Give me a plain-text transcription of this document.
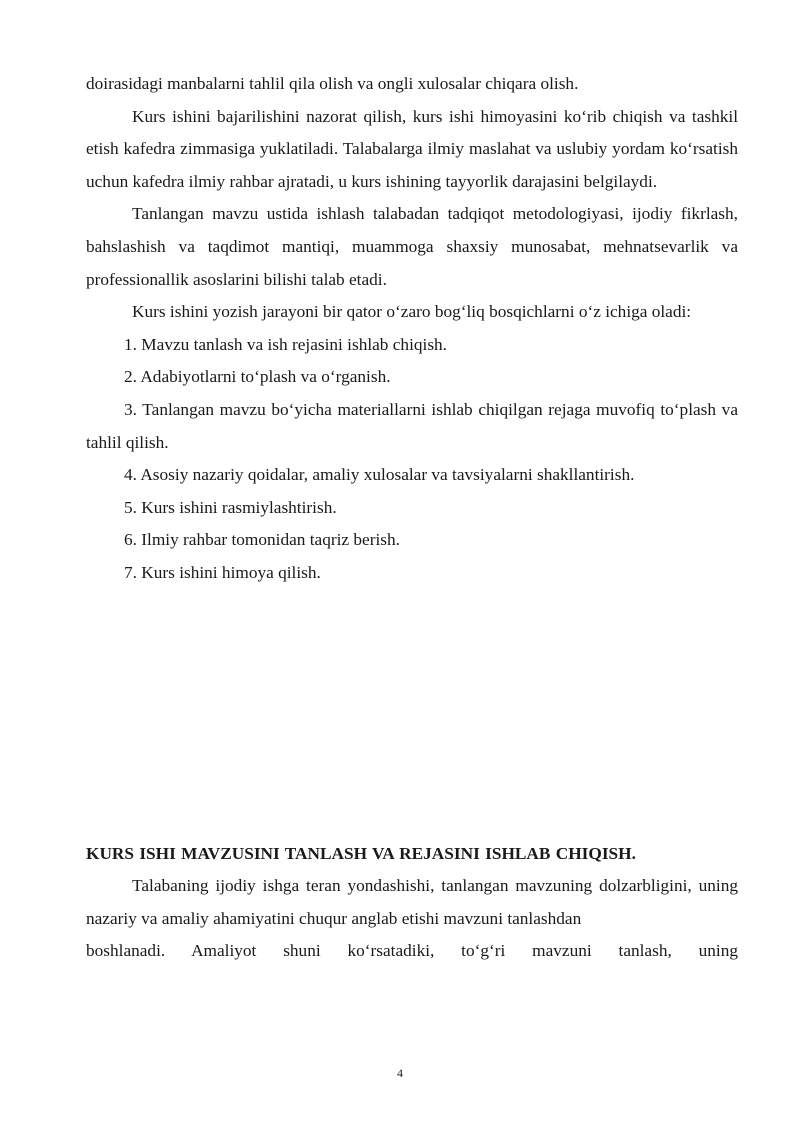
doirasidagi manbalarni tahlil qila olish va ongli xulosalar chiqara olish.

Kurs ishini bajarilishini nazorat qilish, kurs ishi himoyasini ko‘rib chiqish va tashkil etish kafedra zimmasiga yuklatiladi. Talabalarga ilmiy maslahat va uslubiy yordam ko‘rsatish uchun kafedra ilmiy rahbar ajratadi, u kurs ishining tayyorlik darajasini belgilaydi.

Tanlangan mavzu ustida ishlash talabadan tadqiqot metodologiyasi, ijodiy fikrlash, bahslashish va taqdimot mantiqi, muammoga shaxsiy munosabat, mehnatsevarlik va professionallik asoslarini bilishi talab etadi.

Kurs ishini yozish jarayoni bir qator o‘zaro bog‘liq bosqichlarni o‘z ichiga oladi:

1. Mavzu tanlash va ish rejasini ishlab chiqish.

2. Adabiyotlarni to‘plash va o‘rganish.

3. Tanlangan mavzu bo‘yicha materiallarni ishlab chiqilgan rejaga muvofiq to‘plash va tahlil qilish.

4. Asosiy nazariy qoidalar, amaliy xulosalar va tavsiyalarni shakllantirish.

5. Kurs ishini rasmiylashtirish.

6. Ilmiy rahbar tomonidan taqriz berish.

7. Kurs ishini himoya qilish.

KURS ISHI MAVZUSINI TANLASH VA REJASINI ISHLAB CHIQISH.

Talabaning ijodiy ishga teran yondashishi, tanlangan mavzuning dolzarbligini, uning nazariy va amaliy ahamiyatini chuqur anglab etishi mavzuni tanlashdan

boshlanadi. Amaliyot shuni ko‘rsatadiki, to‘g‘ri mavzuni tanlash, uning

4
